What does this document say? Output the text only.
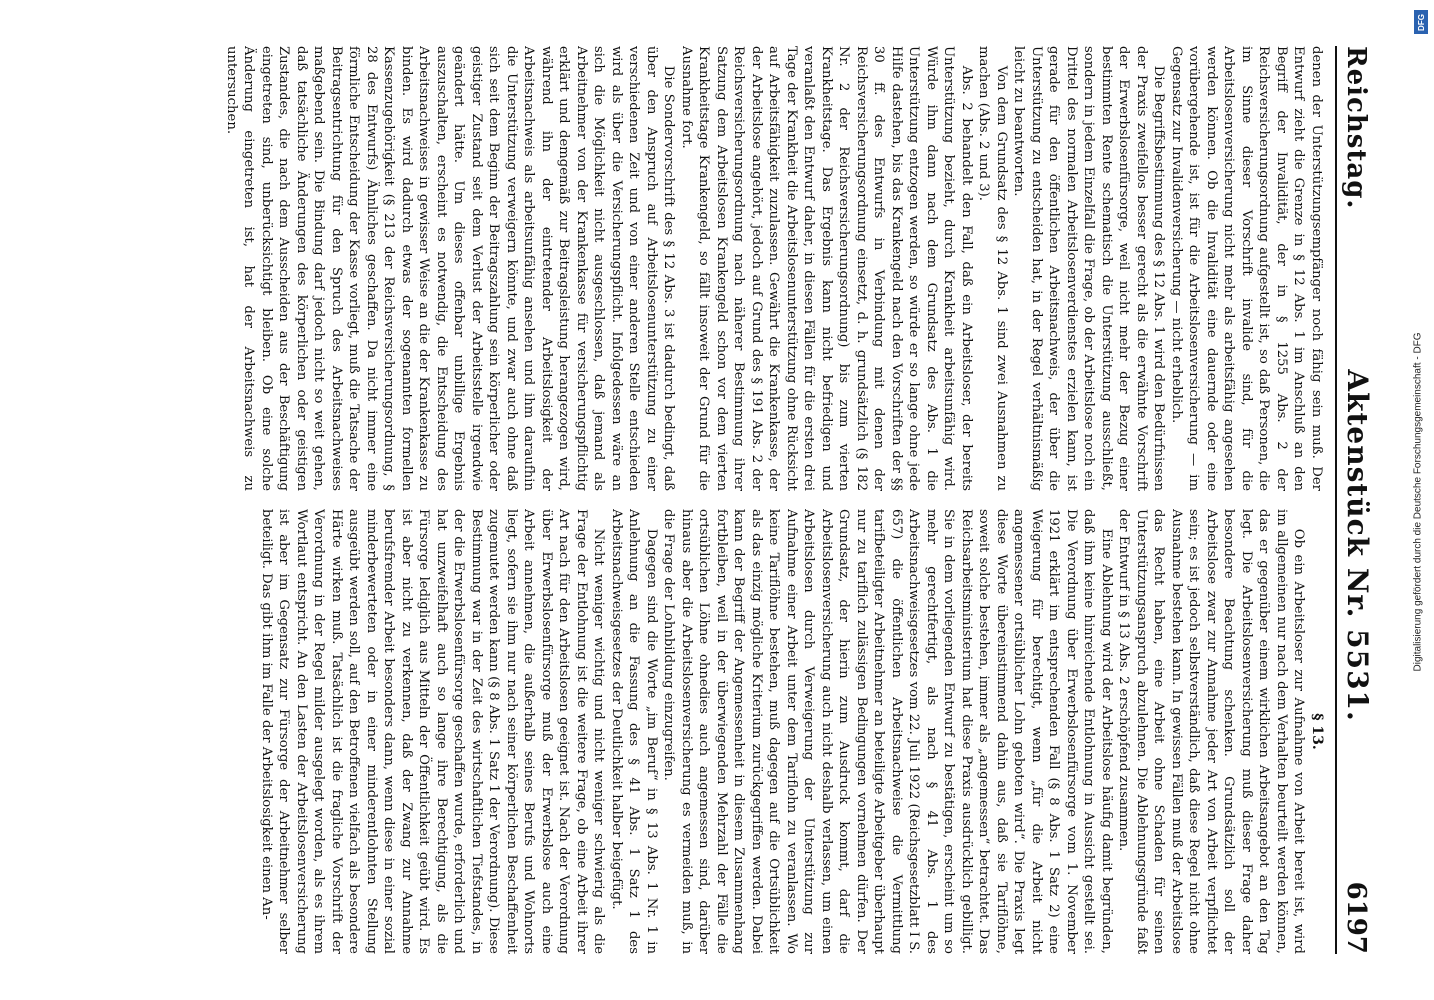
Reichstag.
Aktenstück Nr. 5531.
6197

denen der Unterstützungsempfänger noch fähig sein muß. Der Entwurf zieht die Grenze in § 12 Abs. 1 im Anschluß an den Begriff der Invalidität, der in § 1255 Abs. 2 der Reichsversicherungsordnung aufgestellt ist, so daß Personen, die im Sinne dieser Vorschrift invalide sind, für die Arbeitslosenversicherung nicht mehr als arbeitsfähig angesehen werden können. Ob die Invalidität eine dauernde oder eine vorübergehende ist, ist für die Arbeitslosenversicherung — im Gegensatz zur Invalidenversicherung — nicht erheblich.

Die Begriffsbestimmung des § 12 Abs. 1 wird den Bedürfnissen der Praxis zweifellos besser gerecht als die erwähnte Vorschrift der Erwerbslosenfürsorge, weil nicht mehr der Bezug einer bestimmten Rente schematisch die Unterstützung ausschließt, sondern in jedem Einzelfall die Frage, ob der Arbeitslose noch ein Drittel des normalen Arbeitslosenverdienstes erzielen kann, ist gerade für den öffentlichen Arbeitsnachweis, der über die Unterstützung zu entscheiden hat, in der Regel verhältnismäßig leicht zu beantworten.

Von dem Grundsatz des § 12 Abs. 1 sind zwei Ausnahmen zu machen (Abs. 2 und 3).

Abs. 2 behandelt den Fall, daß ein Arbeitsloser, der bereits Unterstützung bezieht, durch Krankheit arbeitsunfähig wird. Würde ihm dann nach dem Grundsatz des Abs. 1 die Unterstützung entzogen werden, so würde er so lange ohne jede Hilfe dastehen, bis das Krankengeld nach den Vorschriften der §§ 30 ff. des Entwurfs in Verbindung mit denen der Reichsversicherungsordnung einsetzt, d. h. grundsätzlich (§ 182 Nr. 2 der Reichsversicherungsordnung) bis zum vierten Krankheitstage. Das Ergebnis kann nicht befriedigen und veranlaßt den Entwurf daher, in diesen Fällen für die ersten drei Tage der Krankheit die Arbeitslosenunterstützung ohne Rücksicht auf Arbeitsfähigkeit zuzulassen. Gewährt die Krankenkasse, der der Arbeitslose angehört, jedoch auf Grund des § 191 Abs. 2 der Reichsversicherungsordnung nach näherer Bestimmung ihrer Satzung dem Arbeitslosen Krankengeld schon vor dem vierten Krankheitstage Krankengeld, so fällt insoweit der Grund für die Ausnahme fort.

Die Sondervorschrift des § 12 Abs. 3 ist dadurch bedingt, daß über den Anspruch auf Arbeitslosenunterstützung zu einer verschiedenen Zeit und von einer anderen Stelle entschieden wird als über die Versicherungspflicht. Infolgedessen wäre an sich die Möglichkeit nicht ausgeschlossen, daß jemand als Arbeitnehmer von der Krankenkasse für versicherungspflichtig erklärt und demgemäß zur Beitragsleistung herangezogen wird, während ihn der eintretender Arbeitslosigkeit der Arbeitsnachweis als arbeitsunfähig ansehen und ihm daraufhin die Unterstützung verweigern könnte, und zwar auch ohne daß sich seit dem Beginn der Beitragszahlung sein körperlicher oder geistiger Zustand seit dem Verlust der Arbeitsstelle irgendwie geändert hätte. Um dieses offenbar unbillige Ergebnis auszuschalten, erscheint es notwendig, die Entscheidung des Arbeitsnachweises in gewisser Weise an die der Krankenkasse zu binden. Es wird dadurch etwas der sogenannten formellen Kassenzugehörigkeit (§ 213 der Reichsversicherungsordnung, § 28 des Entwurfs) Ähnliches geschaffen. Da nicht immer eine förmliche Entscheidung der Kasse vorliegt, muß die Tatsache der Beitragsentrichtung für den Spruch des Arbeitsnachweises maßgebend sein. Die Bindung darf jedoch nicht so weit gehen, daß tatsächliche Änderungen des körperlichen oder geistigen Zustandes, die nach dem Ausscheiden aus der Beschäftigung eingetreten sind, unberücksichtigt bleiben. Ob eine solche Änderung eingetreten ist, hat der Arbeitsnachweis zu untersuchen.

§ 13.

Ob ein Arbeitsloser zur Aufnahme von Arbeit bereit ist, wird im allgemeinen nur nach dem Verhalten beurteilt werden können, das er gegenüber einem wirklichen Arbeitsangebot an den Tag legt. Die Arbeitslosenversicherung muß dieser Frage daher besondere Beachtung schenken. Grundsätzlich soll der Arbeitslose zwar zur Annahme jeder Art von Arbeit verpflichtet sein; es ist jedoch selbstverständlich, daß diese Regel nicht ohne Ausnahme bestehen kann. In gewissen Fällen muß der Arbeitslose das Recht haben, eine Arbeit ohne Schaden für seinen Unterstützungsanspruch abzulehnen. Die Ablehnungsgründe faßt der Entwurf in § 13 Abs. 2 erschöpfend zusammen.

Eine Ablehnung wird der Arbeitslose häufig damit begründen, daß ihm keine hinreichende Entlohnung in Aussicht gestellt sei. Die Verordnung über Erwerbslosenfürsorge vom 1. November 1921 erklärt im entsprechenden Fall (§ 8 Abs. 1 Satz 2) eine Weigerung für berechtigt, wenn „für die Arbeit nicht angemessener ortsüblicher Lohn geboten wird“. Die Praxis legt diese Worte übereinstimmend dahin aus, daß sie Tariflöhne, soweit solche bestehen, immer als „angemessen“ betrachtet. Das Reichsarbeitsministerium hat diese Praxis ausdrücklich gebilligt. Sie in dem vorliegenden Entwurf zu bestätigen, erscheint um so mehr gerechtfertigt, als nach § 41 Abs. 1 des Arbeitsnachweisgesetzes vom 22. Juli 1922 (Reichsgesetzblatt I S. 657) die öffentlichen Arbeitsnachweise die Vermittlung tarifbeteiligter Arbeitnehmer an beteiligte Arbeitgeber überhaupt nur zu tariflich zulässigen Bedingungen vornehmen dürfen. Der Grundsatz, der hierin zum Ausdruck kommt, darf die Arbeitslosenversicherung auch nicht deshalb verlassen, um einen Arbeitslosen durch Verweigerung der Unterstützung zur Aufnahme einer Arbeit unter dem Tariflohn zu veranlassen. Wo keine Tariflöhne bestehen, muß dagegen auf die Ortsüblichkeit als das einzig mögliche Kriterium zurückgegriffen werden. Dabei kann der Begriff der Angemessenheit in diesem Zusammenhang fortbleiben, weil in der überwiegenden Mehrzahl der Fälle die ortsüblichen Löhne ohnedies auch angemessen sind, darüber hinaus aber die Arbeitslosenversicherung es vermeiden muß, in die Frage der Lohnbildung einzugreifen.

Dagegen sind die Worte „im Beruf“ in § 13 Abs. 1 Nr. 1 in Anlehnung an die Fassung des § 41 Abs. 1 Satz 1 des Arbeitsnachweisgesetzes der Deutlichkeit halber beigefügt.

Nicht weniger wichtig und nicht weniger schwierig als die Frage der Entlohnung ist die weitere Frage, ob eine Arbeit ihrer Art nach für den Arbeitslosen geeignet ist. Nach der Verordnung über Erwerbslosenfürsorge muß der Erwerbslose auch eine Arbeit annehmen, die außerhalb seines Berufs und Wohnorts liegt, sofern sie ihm nur nach seiner körperlichen Beschaffenheit zugemutet werden kann (§ 8 Abs. 1 Satz 1 der Verordnung). Diese Bestimmung war in der Zeit des wirtschaftlichen Tiefstandes, in der die Erwerbslosenfürsorge geschaffen wurde, erforderlich und hat unzweifelhaft auch so lange ihre Berechtigung, als die Fürsorge lediglich aus Mitteln der Öffentlichkeit geübt wird. Es ist aber nicht zu verkennen, daß der Zwang zur Annahme berufsfremder Arbeit besonders dann, wenn diese in einer sozial minderbewerteten oder in einer minderentlohnten Stellung ausgeübt werden soll, auf den Betroffenen vielfach als besondere Härte wirken muß. Tatsächlich ist die fragliche Vorschrift der Verordnung in der Regel milder ausgelegt worden, als es ihrem Wortlaut entspricht. An den Lasten der Arbeitslosenversicherung ist aber im Gegensatz zur Fürsorge der Arbeitnehmer selber beteiligt. Das gibt ihm im Falle der Arbeitslosigkeit einen An-

DFG
Digitalisierung gefördert durch die Deutsche Forschungsgemeinschaft - DFG
